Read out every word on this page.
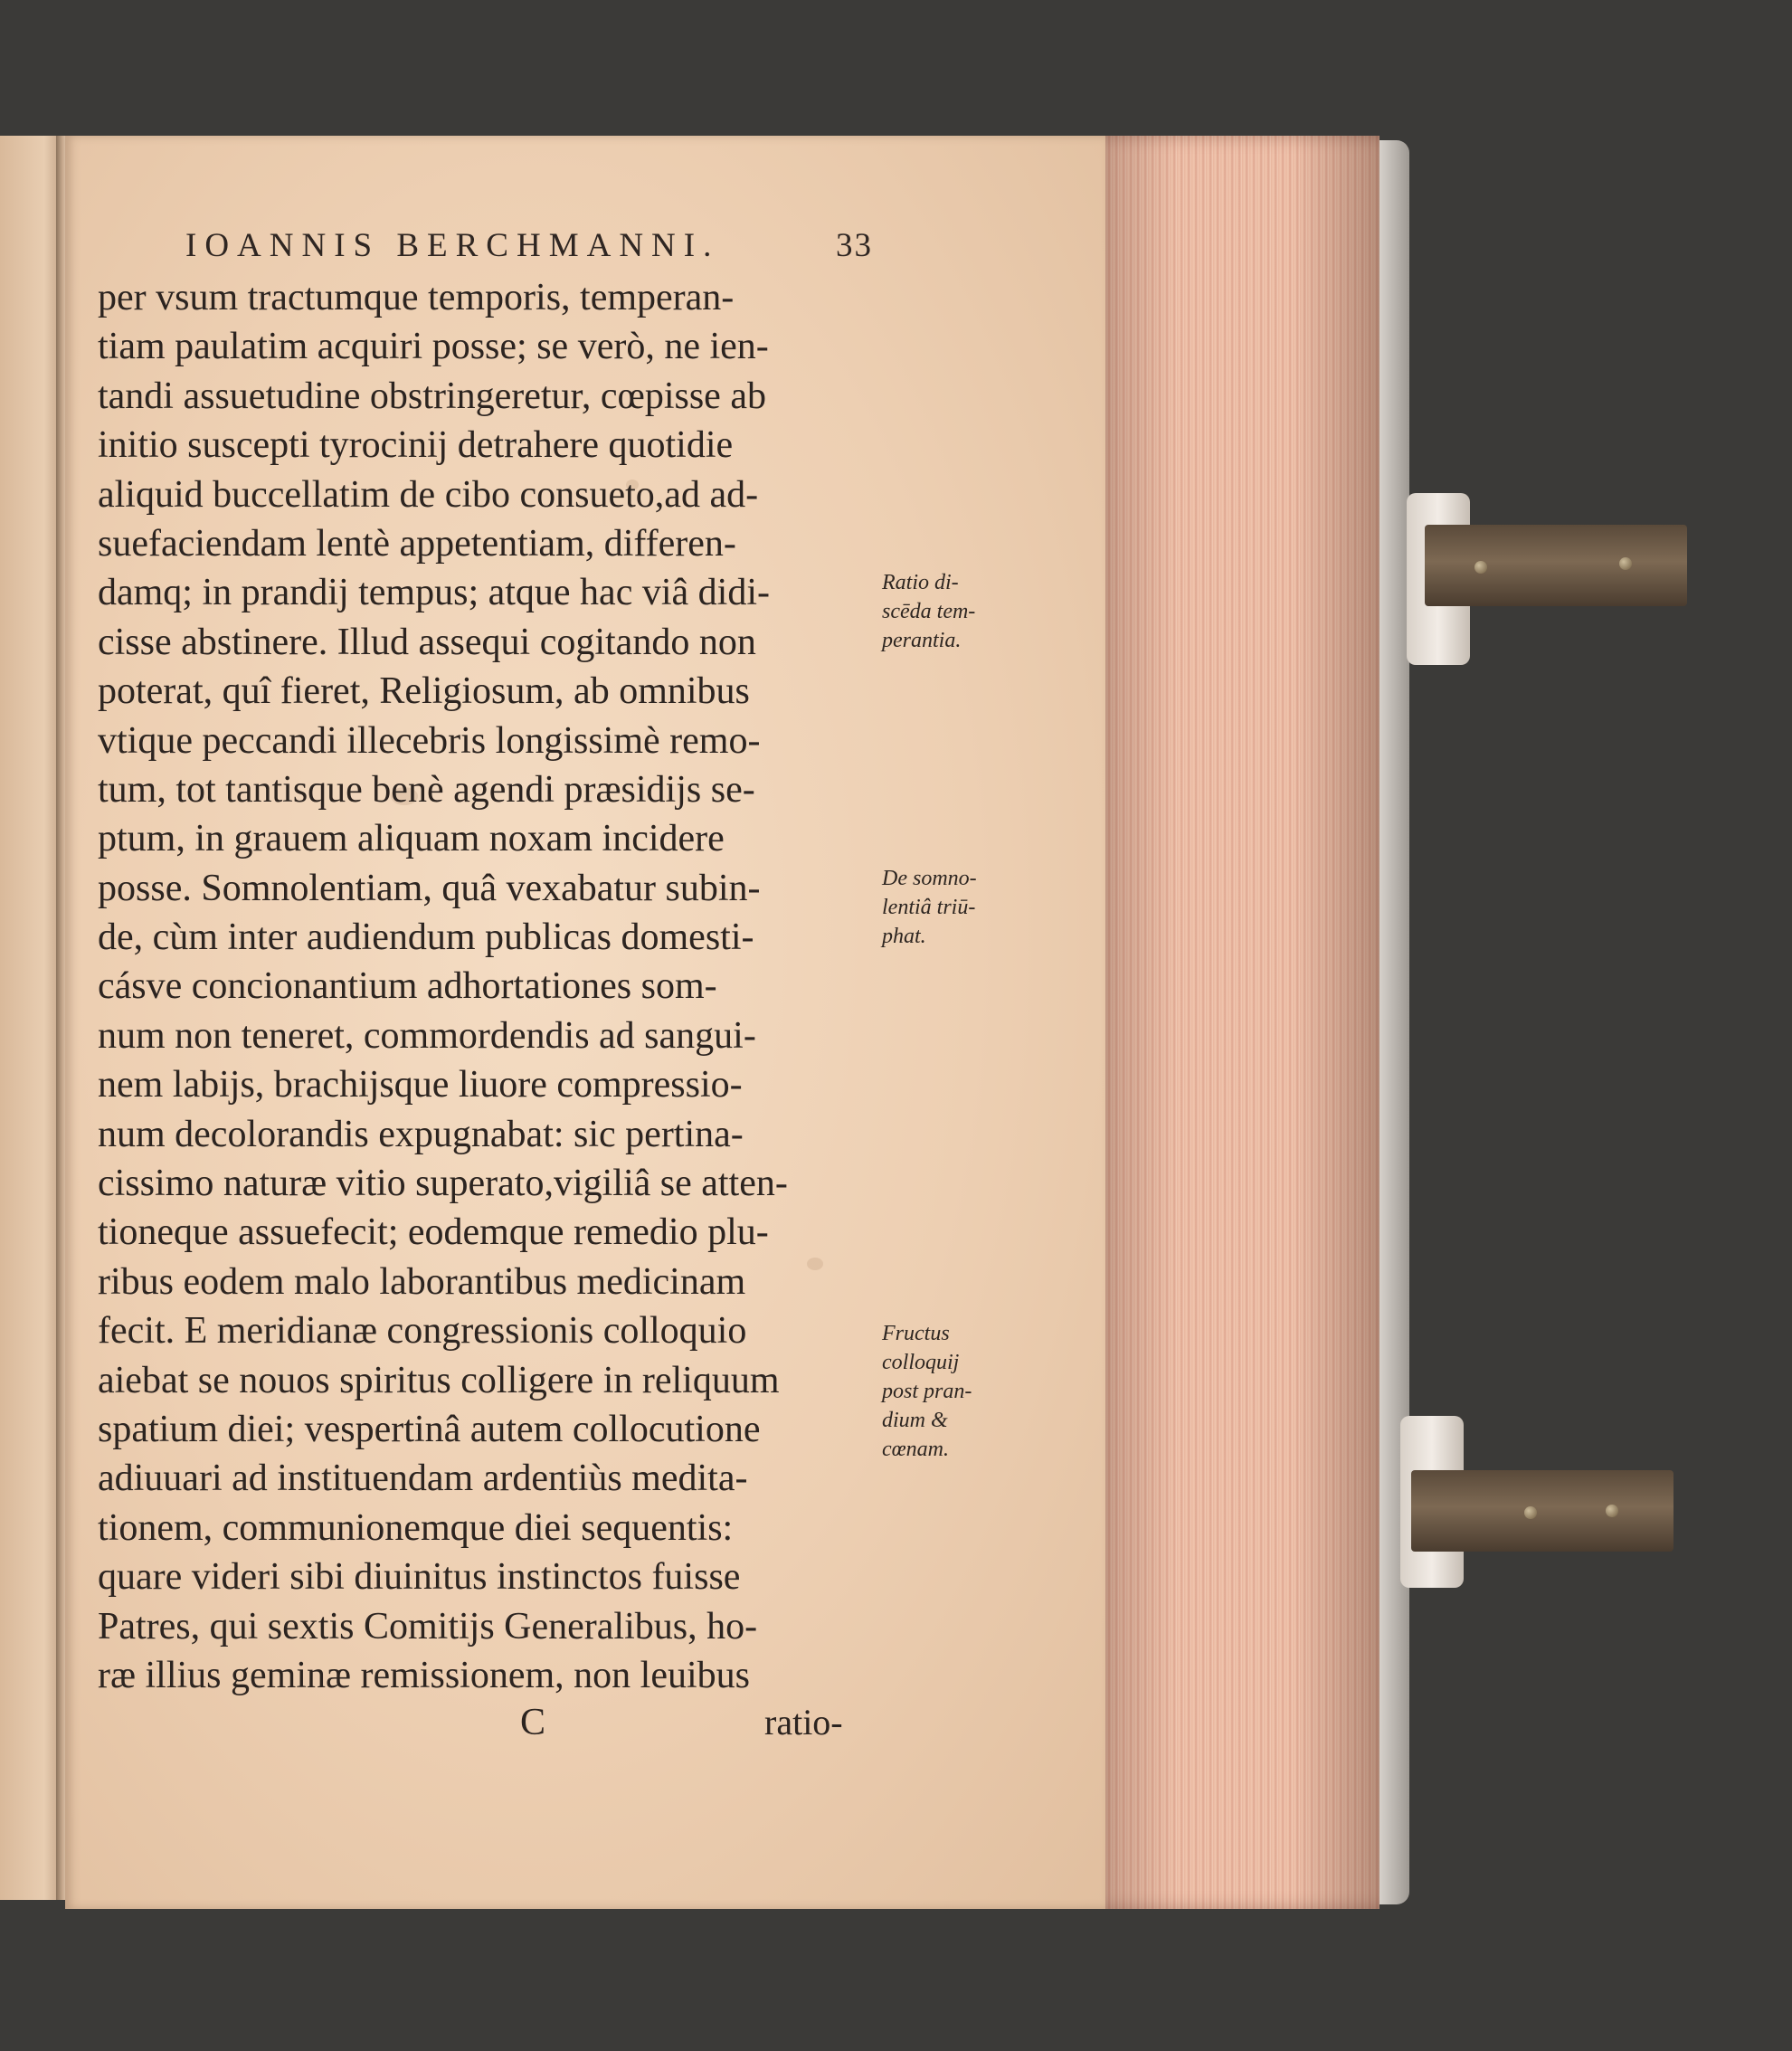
IOANNIS BERCHMANNI.	33
per vsum tractumque temporis, temperan-
tiam paulatim acquiri posse; se verò, ne ien-
tandi assuetudine obstringeretur, cœpisse ab
initio suscepti tyrocinij detrahere quotidie
aliquid buccellatim de cibo consueto,ad ad-
suefaciendam lentè appetentiam, differen-
damq; in prandij tempus; atque hac viâ didi-
cisse abstinere. Illud assequi cogitando non
poterat, quî fieret, Religiosum, ab omnibus
vtique peccandi illecebris longissimè remo-
tum, tot tantisque benè agendi præsidijs se-
ptum, in grauem aliquam noxam incidere
posse. Somnolentiam, quâ vexabatur subin-
de, cùm inter audiendum publicas domesti-
cásve concionantium adhortationes som-
num non teneret, commordendis ad sangui-
nem labijs, brachijsque liuore compressio-
num decolorandis expugnabat: sic pertina-
cissimo naturæ vitio superato,vigiliâ se atten-
tioneque assuefecit; eodemque remedio plu-
ribus eodem malo laborantibus medicinam
fecit. E meridianæ congressionis colloquio
aiebat se nouos spiritus colligere in reliquum
spatium diei; vespertinâ autem collocutione
adiuuari ad instituendam ardentiùs medita-
tionem, communionemque diei sequentis:
quare videri sibi diuinitus instinctos fuisse
Patres, qui sextis Comitijs Generalibus, ho-
ræ illius geminæ remissionem, non leuibus
C	ratio-
Ratio di-
scēda tem-
perantia.
De somno-
lentiâ triū-
phat.
Fructus
colloquij
post pran-
dium &
cœnam.
